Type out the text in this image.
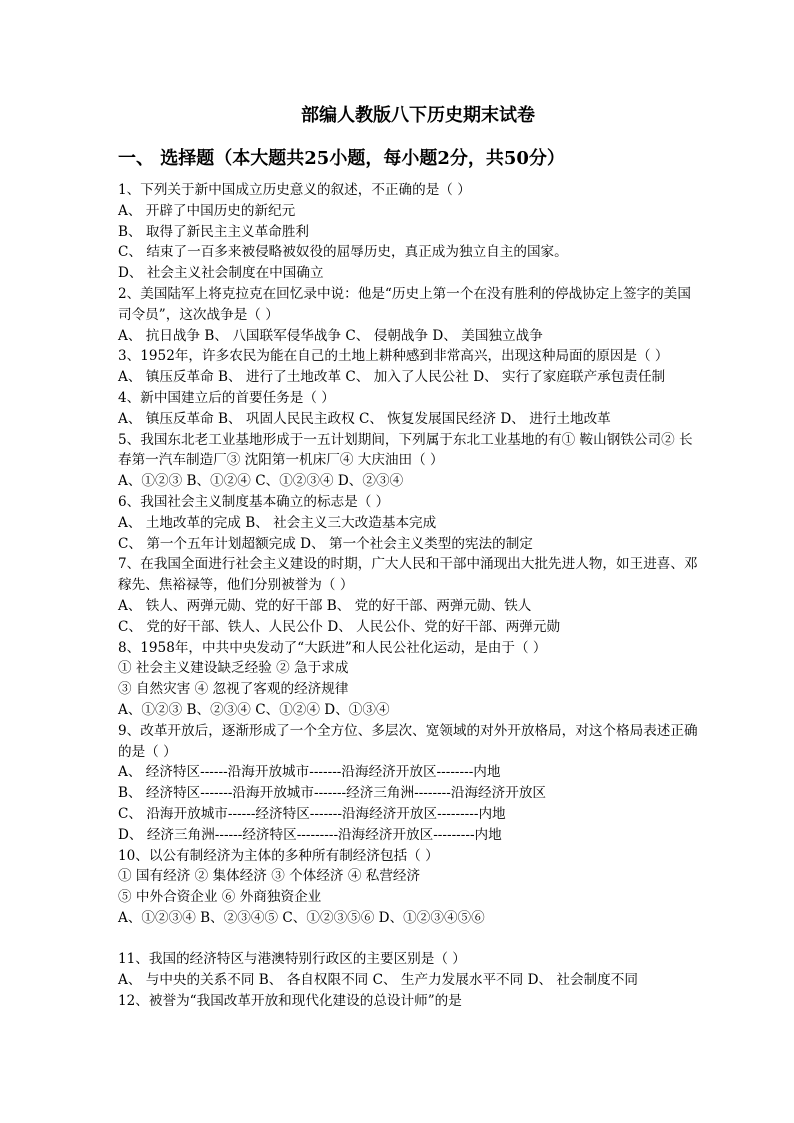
部编人教版八下历史期末试卷
一、 选择题（本大题共25小题，每小题2分，共50分）
1、下列关于新中国成立历史意义的叙述，不正确的是（ ）
A、 开辟了中国历史的新纪元
B、 取得了新民主主义革命胜利
C、 结束了一百多来被侵略被奴役的屈辱历史，真正成为独立自主的国家。
D、 社会主义社会制度在中国确立
2、美国陆军上将克拉克在回忆录中说：他是“历史上第一个在没有胜利的停战协定上签字的美国
司令员”，这次战争是（ ）
A、 抗日战争 B、 八国联军侵华战争 C、 侵朝战争 D、 美国独立战争
3、1952年，许多农民为能在自己的土地上耕种感到非常高兴，出现这种局面的原因是（ ）
A、 镇压反革命 B、 进行了土地改革 C、 加入了人民公社 D、 实行了家庭联产承包责任制
4、新中国建立后的首要任务是（ ）
A、 镇压反革命 B、 巩固人民民主政权 C、 恢复发展国民经济 D、 进行土地改革
5、我国东北老工业基地形成于一五计划期间，下列属于东北工业基地的有① 鞍山钢铁公司② 长
春第一汽车制造厂③ 沈阳第一机床厂④ 大庆油田（ ）
A、①②③ B、①②④ C、①②③④ D、②③④
6、我国社会主义制度基本确立的标志是（ ）
A、 土地改革的完成 B、 社会主义三大改造基本完成
C、 第一个五年计划超额完成 D、 第一个社会主义类型的宪法的制定
7、在我国全面进行社会主义建设的时期，广大人民和干部中涌现出大批先进人物，如王进喜、邓
稼先、焦裕禄等，他们分别被誉为（ ）
A、 铁人、两弹元勋、党的好干部 B、 党的好干部、两弹元勋、铁人
C、 党的好干部、铁人、人民公仆 D、 人民公仆、党的好干部、两弹元勋
8、1958年，中共中央发动了“大跃进”和人民公社化运动，是由于（ ）
① 社会主义建设缺乏经验 ② 急于求成
③ 自然灾害 ④ 忽视了客观的经济规律
A、①②③ B、②③④ C、①②④ D、①③④
9、改革开放后，逐渐形成了一个全方位、多层次、宽领域的对外开放格局，对这个格局表述正确
的是（ ）
A、 经济特区------沿海开放城市-------沿海经济开放区--------内地
B、 经济特区-------沿海开放城市-------经济三角洲--------沿海经济开放区
C、 沿海开放城市------经济特区-------沿海经济开放区---------内地
D、 经济三角洲------经济特区---------沿海经济开放区---------内地
10、以公有制经济为主体的多种所有制经济包括（ ）
① 国有经济 ② 集体经济 ③ 个体经济 ④ 私营经济
⑤ 中外合资企业 ⑥ 外商独资企业
A、①②③④ B、②③④⑤ C、①②③⑤⑥ D、①②③④⑤⑥
11、我国的经济特区与港澳特别行政区的主要区别是（ ）
A、 与中央的关系不同 B、 各自权限不同 C、 生产力发展水平不同 D、 社会制度不同
12、被誉为“我国改革开放和现代化建设的总设计师”的是
